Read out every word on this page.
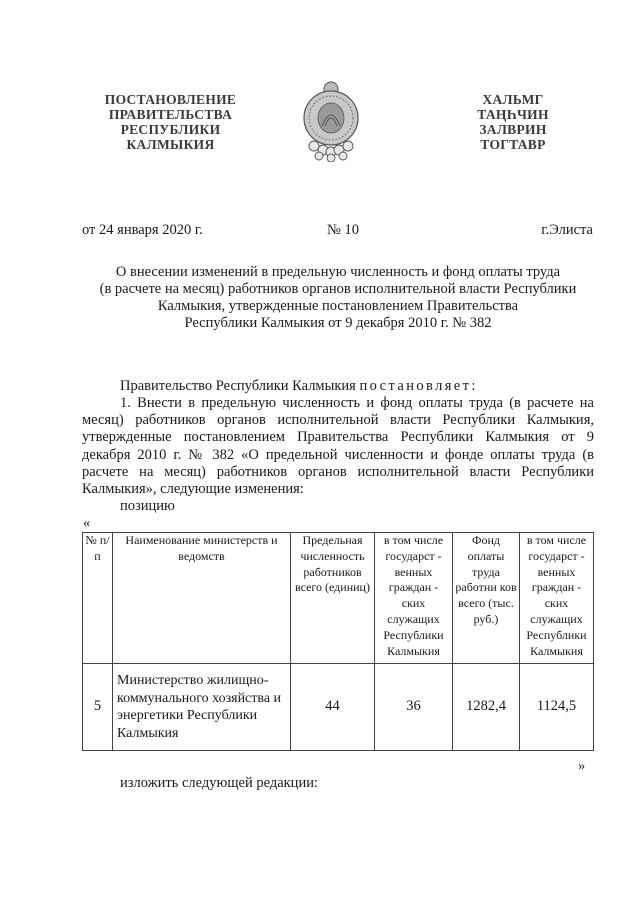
ПОСТАНОВЛЕНИЕ
ПРАВИТЕЛЬСТВА
РЕСПУБЛИКИ
КАЛМЫКИЯ
ХАЛЬМГ
ТАҢҺЧИН
ЗАЛВРИН
ТОГТАВР
от 24 января 2020 г.	№ 10	г.Элиста
О внесении изменений в предельную численность и фонд оплаты труда
(в расчете на месяц) работников органов исполнительной власти Республики
Калмыкия, утвержденные постановлением Правительства
Республики Калмыкия от 9 декабря 2010 г. № 382
Правительство Республики Калмыкия постановляет:
1. Внести в предельную численность и фонд оплаты труда (в расчете на месяц) работников органов исполнительной власти Республики Калмыкия, утвержденные постановлением Правительства Республики Калмыкия от 9 декабря 2010 г. № 382 «О предельной численности и фонде оплаты труда (в расчете на месяц) работников органов исполнительной власти Республики Калмыкия», следующие изменения:
позицию
«
№ п/п	Наименование министерств и ведомств	Предельная численность работников всего (единиц)	в том числе государст - венных граждан - ских служащих Республики Калмыкия	Фонд оплаты труда работни ков всего (тыс. руб.)	в том числе государст - венных граждан - ских служащих Республики Калмыкия
5	Министерство жилищно-коммунального хозяйства и энергетики Республики Калмыкия	44	36	1282,4	1124,5
»
изложить следующей редакции:
